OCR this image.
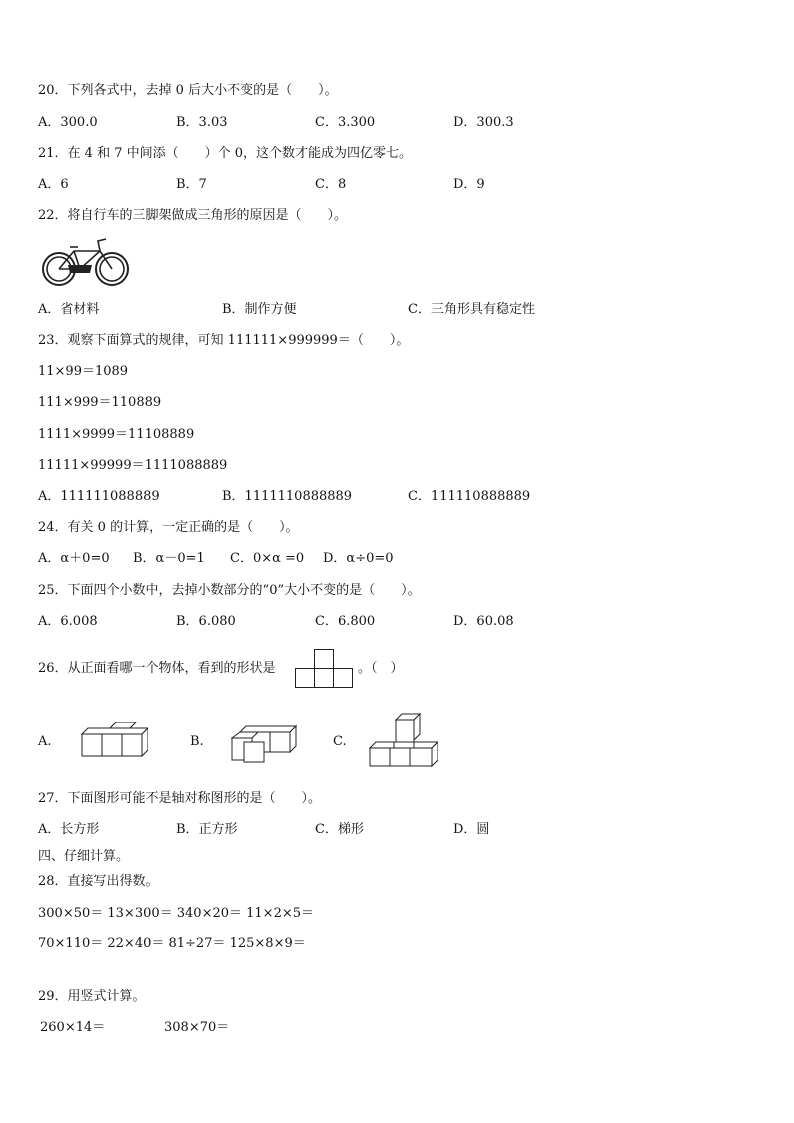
20．下列各式中，去掉 0 后大小不变的是（　　）。
A．300.0	B．3.03	C．3.300	D．300.3
21．在 4 和 7 中间添（　　）个 0，这个数才能成为四亿零七。
A．6	B．7	C．8	D．9
22．将自行车的三脚架做成三角形的原因是（　　）。
A．省材料	B．制作方便	C．三角形具有稳定性
23．观察下面算式的规律，可知 111111×999999＝（　　）。
11×99＝1089
111×999＝110889
1111×9999＝11108889
11111×99999＝1111088889
A．111111088889	B．1111110888889	C．111110888889
24．有关 0 的计算，一定正确的是（　　）。
A．α＋0=0 B．α－0=1 C．0×α =0 D．α÷0=0
25．下面四个小数中，去掉小数部分的“0”大小不变的是（　　）。
A．6.008	B．6.080	C．6.800	D．60.08
26．从正面看哪一个物体，看到的形状是	。（　）
A.	B.	C.
27．下面图形可能不是轴对称图形的是（　　）。
A．长方形	B．正方形	C．梯形	D．圆
四、仔细计算。
28．直接写出得数。
300×50＝ 13×300＝ 340×20＝ 11×2×5＝
70×110＝ 22×40＝ 81÷27＝ 125×8×9＝
29．用竖式计算。
260×14＝	308×70＝
